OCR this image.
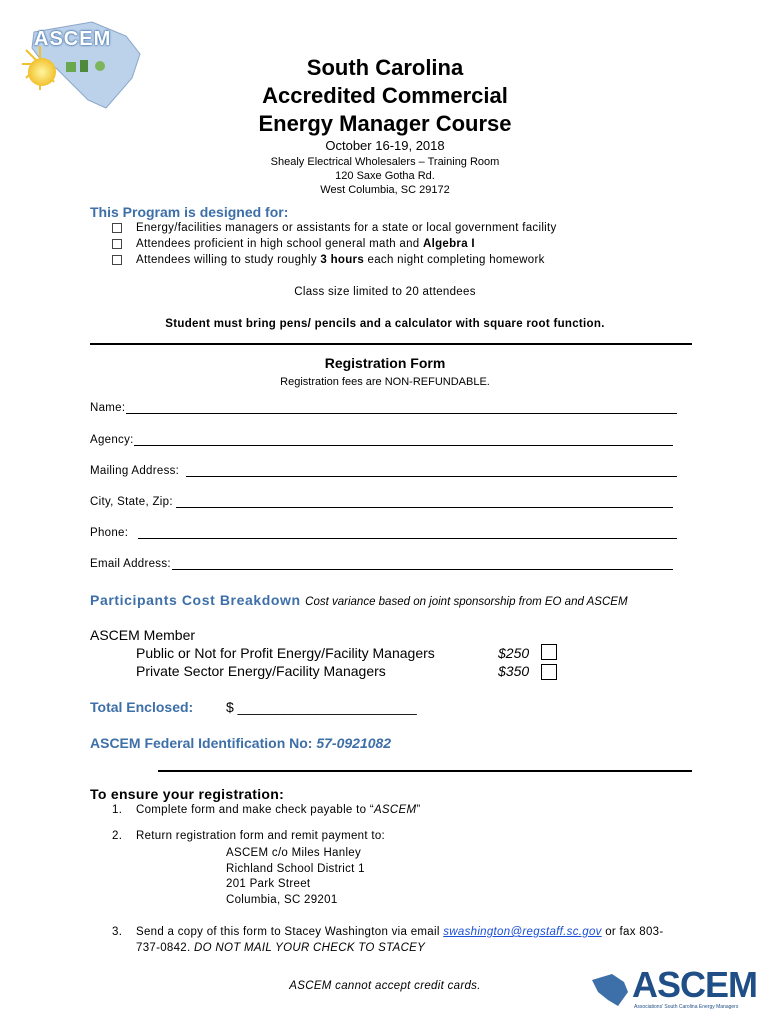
ASCEM
South Carolina
Accredited Commercial
Energy Manager Course
October 16-19, 2018
Shealy Electrical Wholesalers – Training Room
120 Saxe Gotha Rd.
West Columbia, SC 29172
This Program is designed for:
Energy/facilities managers or assistants for a state or local government facility
Attendees proficient in high school general math and Algebra I
Attendees willing to study roughly 3 hours each night completing homework
Class size limited to 20 attendees
Student must bring pens/ pencils and a calculator with square root function.
Registration Form
Registration fees are NON-REFUNDABLE.
Name:
Agency:
Mailing Address:
City, State, Zip:
Phone:
Email Address:
Participants Cost Breakdown Cost variance based on joint sponsorship from EO and ASCEM
ASCEM Member
Public or Not for Profit Energy/Facility Managers	$250
Private Sector Energy/Facility Managers	$350
Total Enclosed: $ _______________________
ASCEM Federal Identification No: 57-0921082
To ensure your registration:
1. Complete form and make check payable to “ASCEM”
2. Return registration form and remit payment to:
ASCEM c/o Miles Hanley
Richland School District 1
201 Park Street
Columbia, SC 29201
3. Send a copy of this form to Stacey Washington via email swashington@regstaff.sc.gov or fax 803-
737-0842. DO NOT MAIL YOUR CHECK TO STACEY
ASCEM cannot accept credit cards.	ASCEM
Associations' South Carolina Energy Managers
